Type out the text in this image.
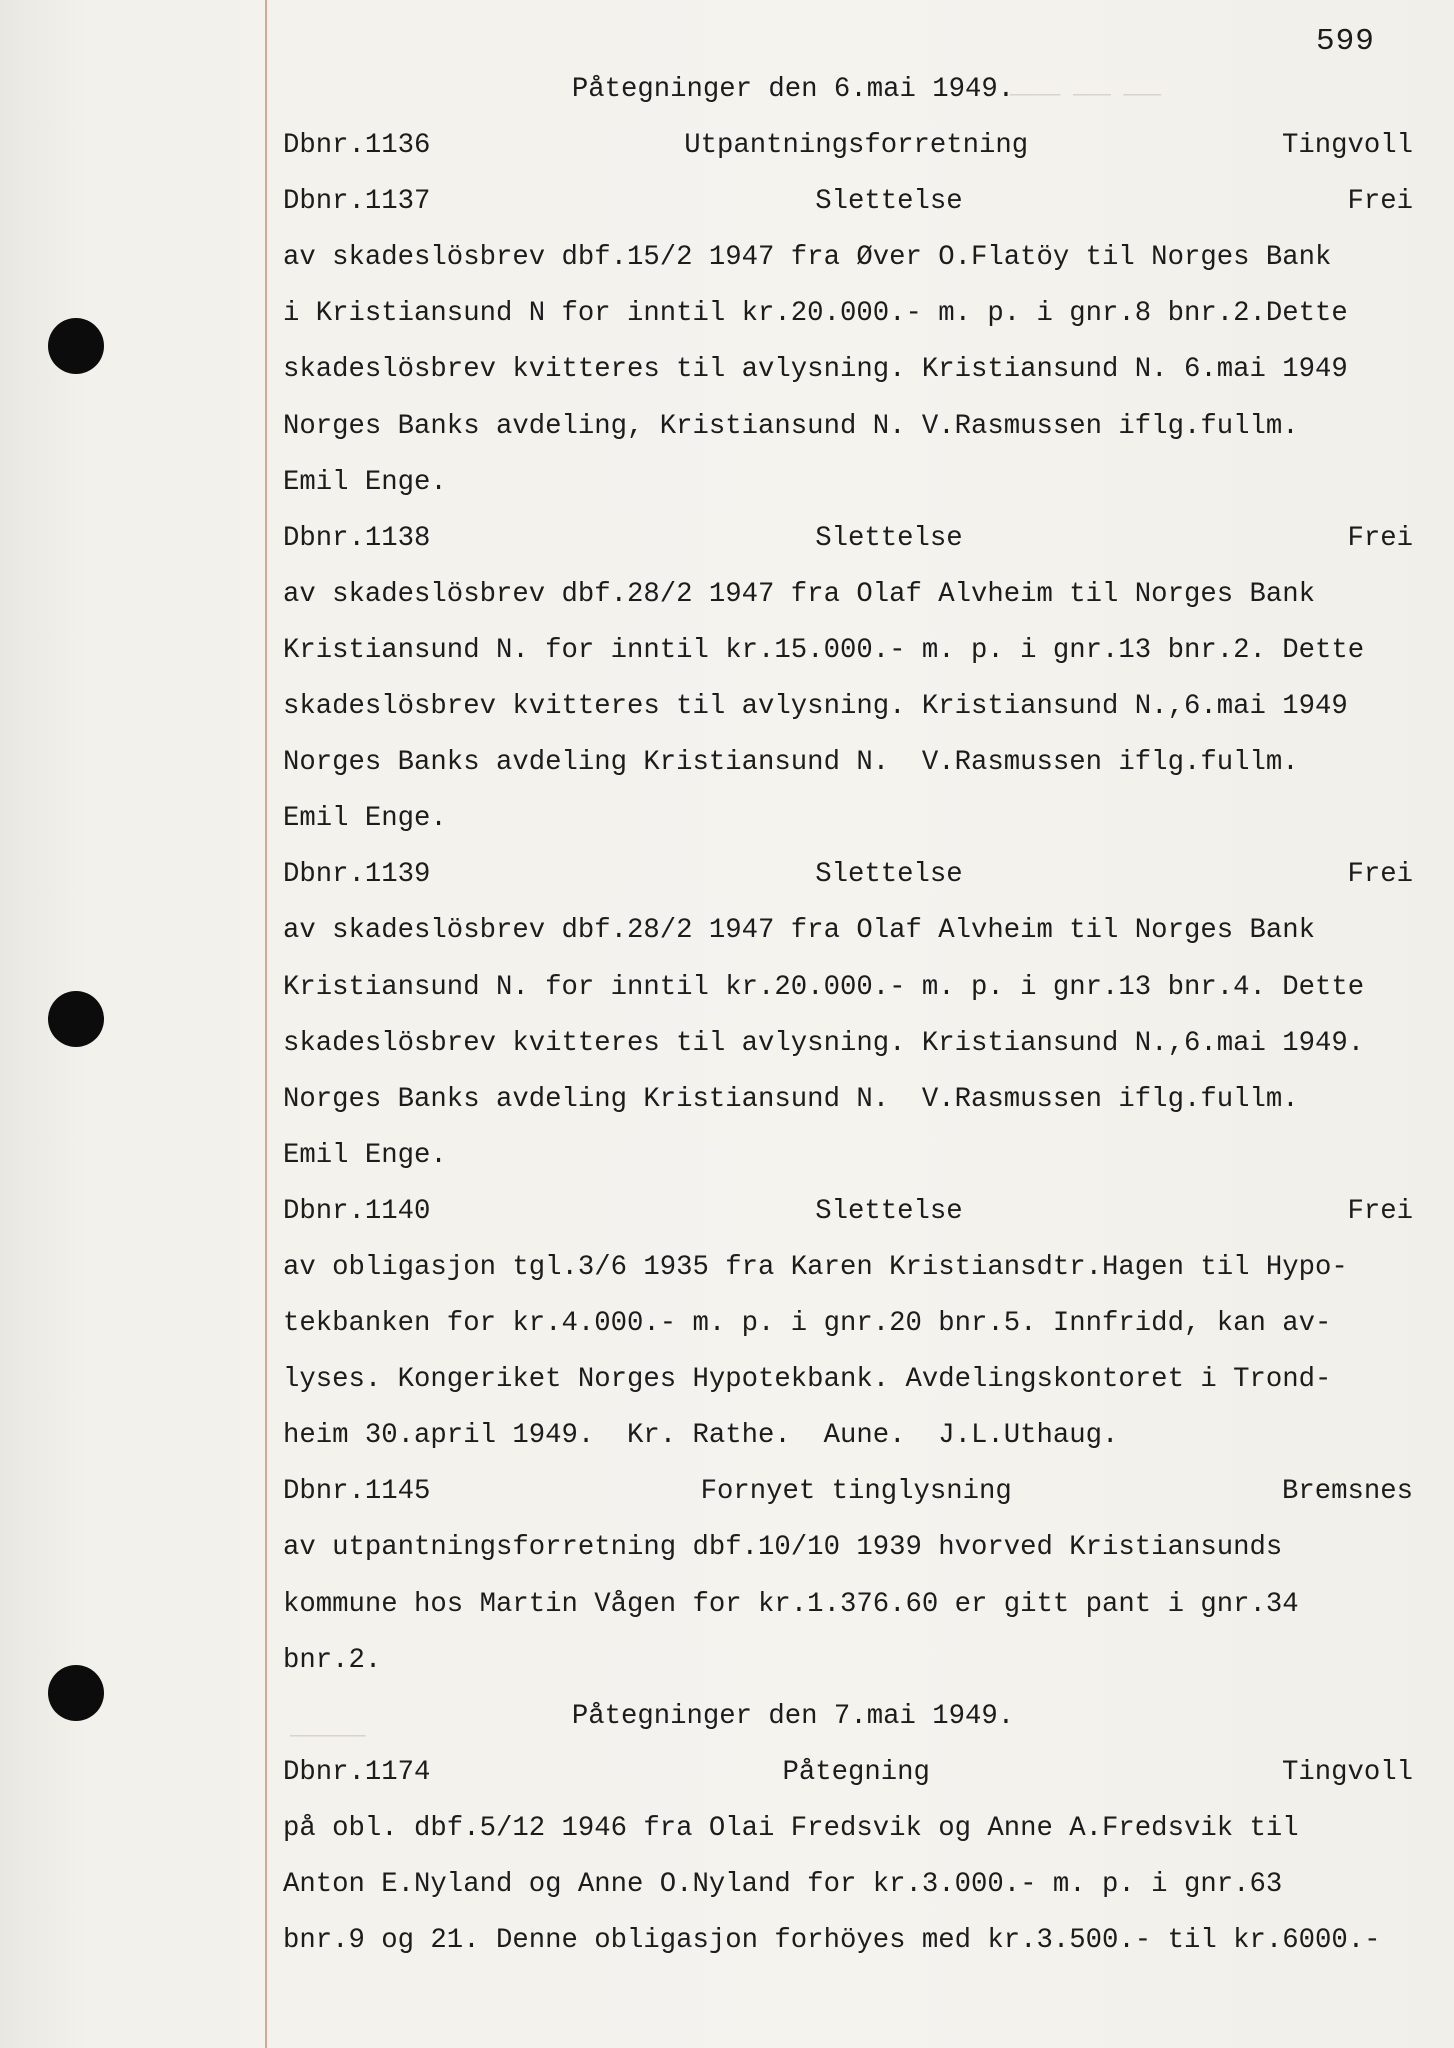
———— ——— ———
——————
599
Påtegninger den 6.mai 1949.
Dbnr.1136	Utpantningsforretning	Tingvoll
Dbnr.1137	Slettelse	Frei
av skadeslösbrev dbf.15/2 1947 fra Øver O.Flatöy til Norges Bank
i Kristiansund N for inntil kr.20.000.- m. p. i gnr.8 bnr.2.Dette
skadeslösbrev kvitteres til avlysning. Kristiansund N. 6.mai 1949
Norges Banks avdeling, Kristiansund N. V.Rasmussen iflg.fullm.
Emil Enge.
Dbnr.1138	Slettelse	Frei
av skadeslösbrev dbf.28/2 1947 fra Olaf Alvheim til Norges Bank
Kristiansund N. for inntil kr.15.000.- m. p. i gnr.13 bnr.2. Dette
skadeslösbrev kvitteres til avlysning. Kristiansund N.,6.mai 1949
Norges Banks avdeling Kristiansund N.  V.Rasmussen iflg.fullm.
Emil Enge.
Dbnr.1139	Slettelse	Frei
av skadeslösbrev dbf.28/2 1947 fra Olaf Alvheim til Norges Bank
Kristiansund N. for inntil kr.20.000.- m. p. i gnr.13 bnr.4. Dette
skadeslösbrev kvitteres til avlysning. Kristiansund N.,6.mai 1949.
Norges Banks avdeling Kristiansund N.  V.Rasmussen iflg.fullm.
Emil Enge.
Dbnr.1140	Slettelse	Frei
av obligasjon tgl.3/6 1935 fra Karen Kristiansdtr.Hagen til Hypo-
tekbanken for kr.4.000.- m. p. i gnr.20 bnr.5. Innfridd, kan av-
lyses. Kongeriket Norges Hypotekbank. Avdelingskontoret i Trond-
heim 30.april 1949.  Kr. Rathe.  Aune.  J.L.Uthaug.
Dbnr.1145	Fornyet tinglysning	Bremsnes
av utpantningsforretning dbf.10/10 1939 hvorved Kristiansunds
kommune hos Martin Vågen for kr.1.376.60 er gitt pant i gnr.34
bnr.2.
Påtegninger den 7.mai 1949.
Dbnr.1174	Påtegning	Tingvoll
på obl. dbf.5/12 1946 fra Olai Fredsvik og Anne A.Fredsvik til
Anton E.Nyland og Anne O.Nyland for kr.3.000.- m. p. i gnr.63
bnr.9 og 21. Denne obligasjon forhöyes med kr.3.500.- til kr.6000.-
